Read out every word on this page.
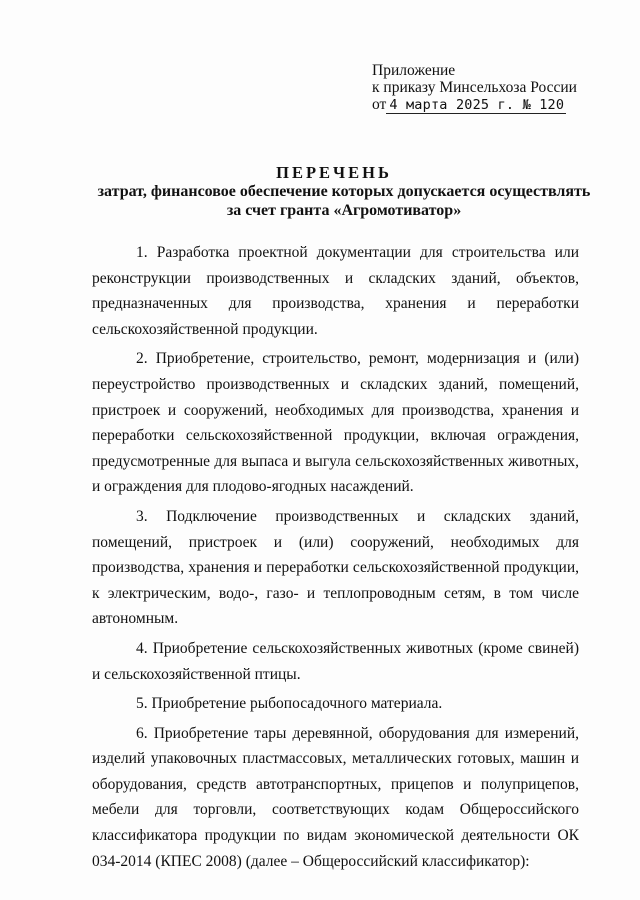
Приложение
к приказу Минсельхоза России
от 4 марта 2025 г. № 120
ПЕРЕЧЕНЬ
затрат, финансовое обеспечение которых допускается осуществлять
за счет гранта «Агромотиватор»

1. Разработка проектной документации для строительства или реконструкции производственных и складских зданий, объектов, предназначенных для производства, хранения и переработки сельскохозяйственной продукции.

2. Приобретение, строительство, ремонт, модернизация и (или) переустройство производственных и складских зданий, помещений, пристроек и сооружений, необходимых для производства, хранения и переработки сельскохозяйственной продукции, включая ограждения, предусмотренные для выпаса и выгула сельскохозяйственных животных, и ограждения для плодово-ягодных насаждений.

3. Подключение производственных и складских зданий, помещений, пристроек и (или) сооружений, необходимых для производства, хранения и переработки сельскохозяйственной продукции, к электрическим, водо-, газо- и теплопроводным сетям, в том числе автономным.

4. Приобретение сельскохозяйственных животных (кроме свиней) и сельскохозяйственной птицы.

5. Приобретение рыбопосадочного материала.

6. Приобретение тары деревянной, оборудования для измерений, изделий упаковочных пластмассовых, металлических готовых, машин и оборудования, средств автотранспортных, прицепов и полуприцепов, мебели для торговли, соответствующих кодам Общероссийского классификатора продукции по видам экономической деятельности ОК 034-2014 (КПЕС 2008) (далее – Общероссийский классификатор):
